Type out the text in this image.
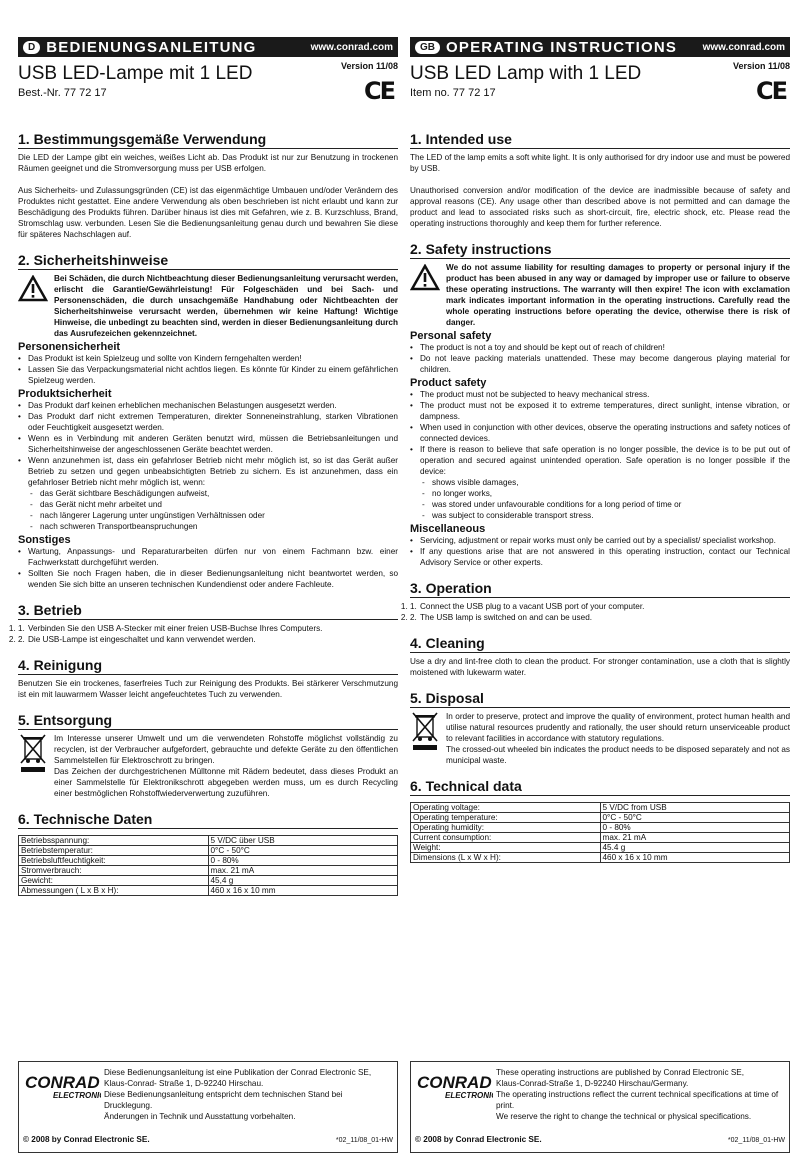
D BEDIENUNGSANLEITUNG	www.conrad.com
USB LED-Lampe mit 1 LED
Best.-Nr. 77 72 17
Version 11/08
CE
1. Bestimmungsgemäße Verwendung

Die LED der Lampe gibt ein weiches, weißes Licht ab. Das Produkt ist nur zur Benutzung in trockenen Räumen geeignet und die Stromversorgung muss per USB erfolgen.

Aus Sicherheits- und Zulassungsgründen (CE) ist das eigenmächtige Umbauen und/oder Verändern des Produktes nicht gestattet. Eine andere Verwendung als oben beschrieben ist nicht erlaubt und kann zur Beschädigung des Produkts führen. Darüber hinaus ist dies mit Gefahren, wie z. B. Kurzschluss, Brand, Stromschlag usw. verbunden. Lesen Sie die Bedienungsanleitung genau durch und bewahren Sie diese für späteres Nachschlagen auf.

2. Sicherheitshinweise

Bei Schäden, die durch Nichtbeachtung dieser Bedienungsanleitung verursacht werden, erlischt die Garantie/Gewährleistung! Für Folgeschäden und bei Sach- und Personenschäden, die durch unsachgemäße Handhabung oder Nichtbeachten der Sicherheitshinweise verursacht werden, übernehmen wir keine Haftung! Wichtige Hinweise, die unbedingt zu beachten sind, werden in dieser Bedienungsanleitung durch das Ausrufezeichen gekennzeichnet.

Personensicherheit
• Das Produkt ist kein Spielzeug und sollte von Kindern ferngehalten werden!
• Lassen Sie das Verpackungsmaterial nicht achtlos liegen. Es könnte für Kinder zu einem gefährlichen Spielzeug werden.
Produktsicherheit
• Das Produkt darf keinen erheblichen mechanischen Belastungen ausgesetzt werden.
• Das Produkt darf nicht extremen Temperaturen, direkter Sonneneinstrahlung, starken Vibrationen oder Feuchtigkeit ausgesetzt werden.
• Wenn es in Verbindung mit anderen Geräten benutzt wird, müssen die Betriebsanleitungen und Sicherheitshinweise der angeschlossenen Geräte beachtet werden.
• Wenn anzunehmen ist, dass ein gefahrloser Betrieb nicht mehr möglich ist, so ist das Gerät außer Betrieb zu setzen und gegen unbeabsichtigten Betrieb zu sichern. Es ist anzunehmen, dass ein gefahrloser Betrieb nicht mehr möglich ist, wenn:
- das Gerät sichtbare Beschädigungen aufweist,
- das Gerät nicht mehr arbeitet und
- nach längerer Lagerung unter ungünstigen Verhältnissen oder
- nach schweren Transportbeanspruchungen
Sonstiges
• Wartung, Anpassungs- und Reparaturarbeiten dürfen nur von einem Fachmann bzw. einer Fachwerkstatt durchgeführt werden.
• Sollten Sie noch Fragen haben, die in dieser Bedienungsanleitung nicht beantwortet werden, so wenden Sie sich bitte an unseren technischen Kundendienst oder andere Fachleute.
3. Betrieb
1. 1. Verbinden Sie den USB A-Stecker mit einer freien USB-Buchse Ihres Computers.
2. 2. Die USB-Lampe ist eingeschaltet und kann verwendet werden.
4. Reinigung

Benutzen Sie ein trockenes, faserfreies Tuch zur Reinigung des Produkts. Bei stärkerer Verschmutzung ist ein mit lauwarmem Wasser leicht angefeuchtetes Tuch zu verwenden.

5. Entsorgung

Im Interesse unserer Umwelt und um die verwendeten Rohstoffe möglichst vollständig zu recyclen, ist der Verbraucher aufgefordert, gebrauchte und defekte Geräte zu den öffentlichen Sammelstellen für Elektroschrott zu bringen.

Das Zeichen der durchgestrichenen Mülltonne mit Rädern bedeutet, dass dieses Produkt an einer Sammelstelle für Elektronikschrott abgegeben werden muss, um es durch Recycling einer bestmöglichen Rohstoffwiederverwertung zuzuführen.

6. Technische Daten
Betriebsspannung:	5 V/DC über USB
Betriebstemperatur:	0°C - 50°C
Betriebsluftfeuchtigkeit:	0 - 80%
Stromverbrauch:	max. 21 mA
Gewicht:	45,4 g
Abmessungen ( L x B x H):	460 x 16 x 10 mm
CONRAD
ELECTRONIC
Diese Bedienungsanleitung ist eine Publikation der Conrad Electronic SE,
Klaus-Conrad- Straße 1, D-92240 Hirschau.
Diese Bedienungsanleitung entspricht dem technischen Stand bei Drucklegung.
Änderungen in Technik und Ausstattung vorbehalten.
© 2008 by Conrad Electronic SE.	*02_11/08_01-HW
GB OPERATING INSTRUCTIONS	www.conrad.com
USB LED Lamp with 1 LED
Item no. 77 72 17
Version 11/08
CE
1. Intended use

The LED of the lamp emits a soft white light. It is only authorised for dry indoor use and must be powered by USB.

Unauthorised conversion and/or modification of the device are inadmissible because of safety and approval reasons (CE). Any usage other than described above is not permitted and can damage the product and lead to associated risks such as short-circuit, fire, electric shock, etc. Please read the operating instructions thoroughly and keep them for further reference.

2. Safety instructions

We do not assume liability for resulting damages to property or personal injury if the product has been abused in any way or damaged by improper use or failure to observe these operating instructions. The warranty will then expire! The icon with exclamation mark indicates important information in the operating instructions. Carefully read the whole operating instructions before operating the device, otherwise there is risk of danger.

Personal safety
• The product is not a toy and should be kept out of reach of children!
• Do not leave packing materials unattended. These may become dangerous playing material for children.
Product safety
• The product must not be subjected to heavy mechanical stress.
• The product must not be exposed it to extreme temperatures, direct sunlight, intense vibration, or dampness.
• When used in conjunction with other devices, observe the operating instructions and safety notices of connected devices.
• If there is reason to believe that safe operation is no longer possible, the device is to be put out of operation and secured against unintended operation. Safe operation is no longer possible if the device:
- shows visible damages,
- no longer works,
- was stored under unfavourable conditions for a long period of time or
- was subject to considerable transport stress.
Miscellaneous
• Servicing, adjustment or repair works must only be carried out by a specialist/ specialist workshop.
• If any questions arise that are not answered in this operating instruction, contact our Technical Advisory Service or other experts.
3. Operation
1. 1. Connect the USB plug to a vacant USB port of your computer.
2. 2. The USB lamp is switched on and can be used.
4. Cleaning

Use a dry and lint-free cloth to clean the product. For stronger contamination, use a cloth that is slightly moistened with lukewarm water.

5. Disposal

In order to preserve, protect and improve the quality of environment, protect human health and utilise natural resources prudently and rationally, the user should return unserviceable product to relevant facilities in accordance with statutory regulations.

The crossed-out wheeled bin indicates the product needs to be disposed separately and not as municipal waste.

6. Technical data
Operating voltage:	5 V/DC from USB
Operating temperature:	0°C - 50°C
Operating humidity:	0 - 80%
Current consumption:	max. 21 mA
Weight:	45.4 g
Dimensions (L x W x H):	460 x 16 x 10 mm
CONRAD
ELECTRONIC
These operating instructions are published by Conrad Electronic SE,
Klaus-Conrad-Straße 1, D-92240 Hirschau/Germany.
The operating instructions reflect the current technical specifications at time of print.
We reserve the right to change the technical or physical specifications.
© 2008 by Conrad Electronic SE.	*02_11/08_01-HW
